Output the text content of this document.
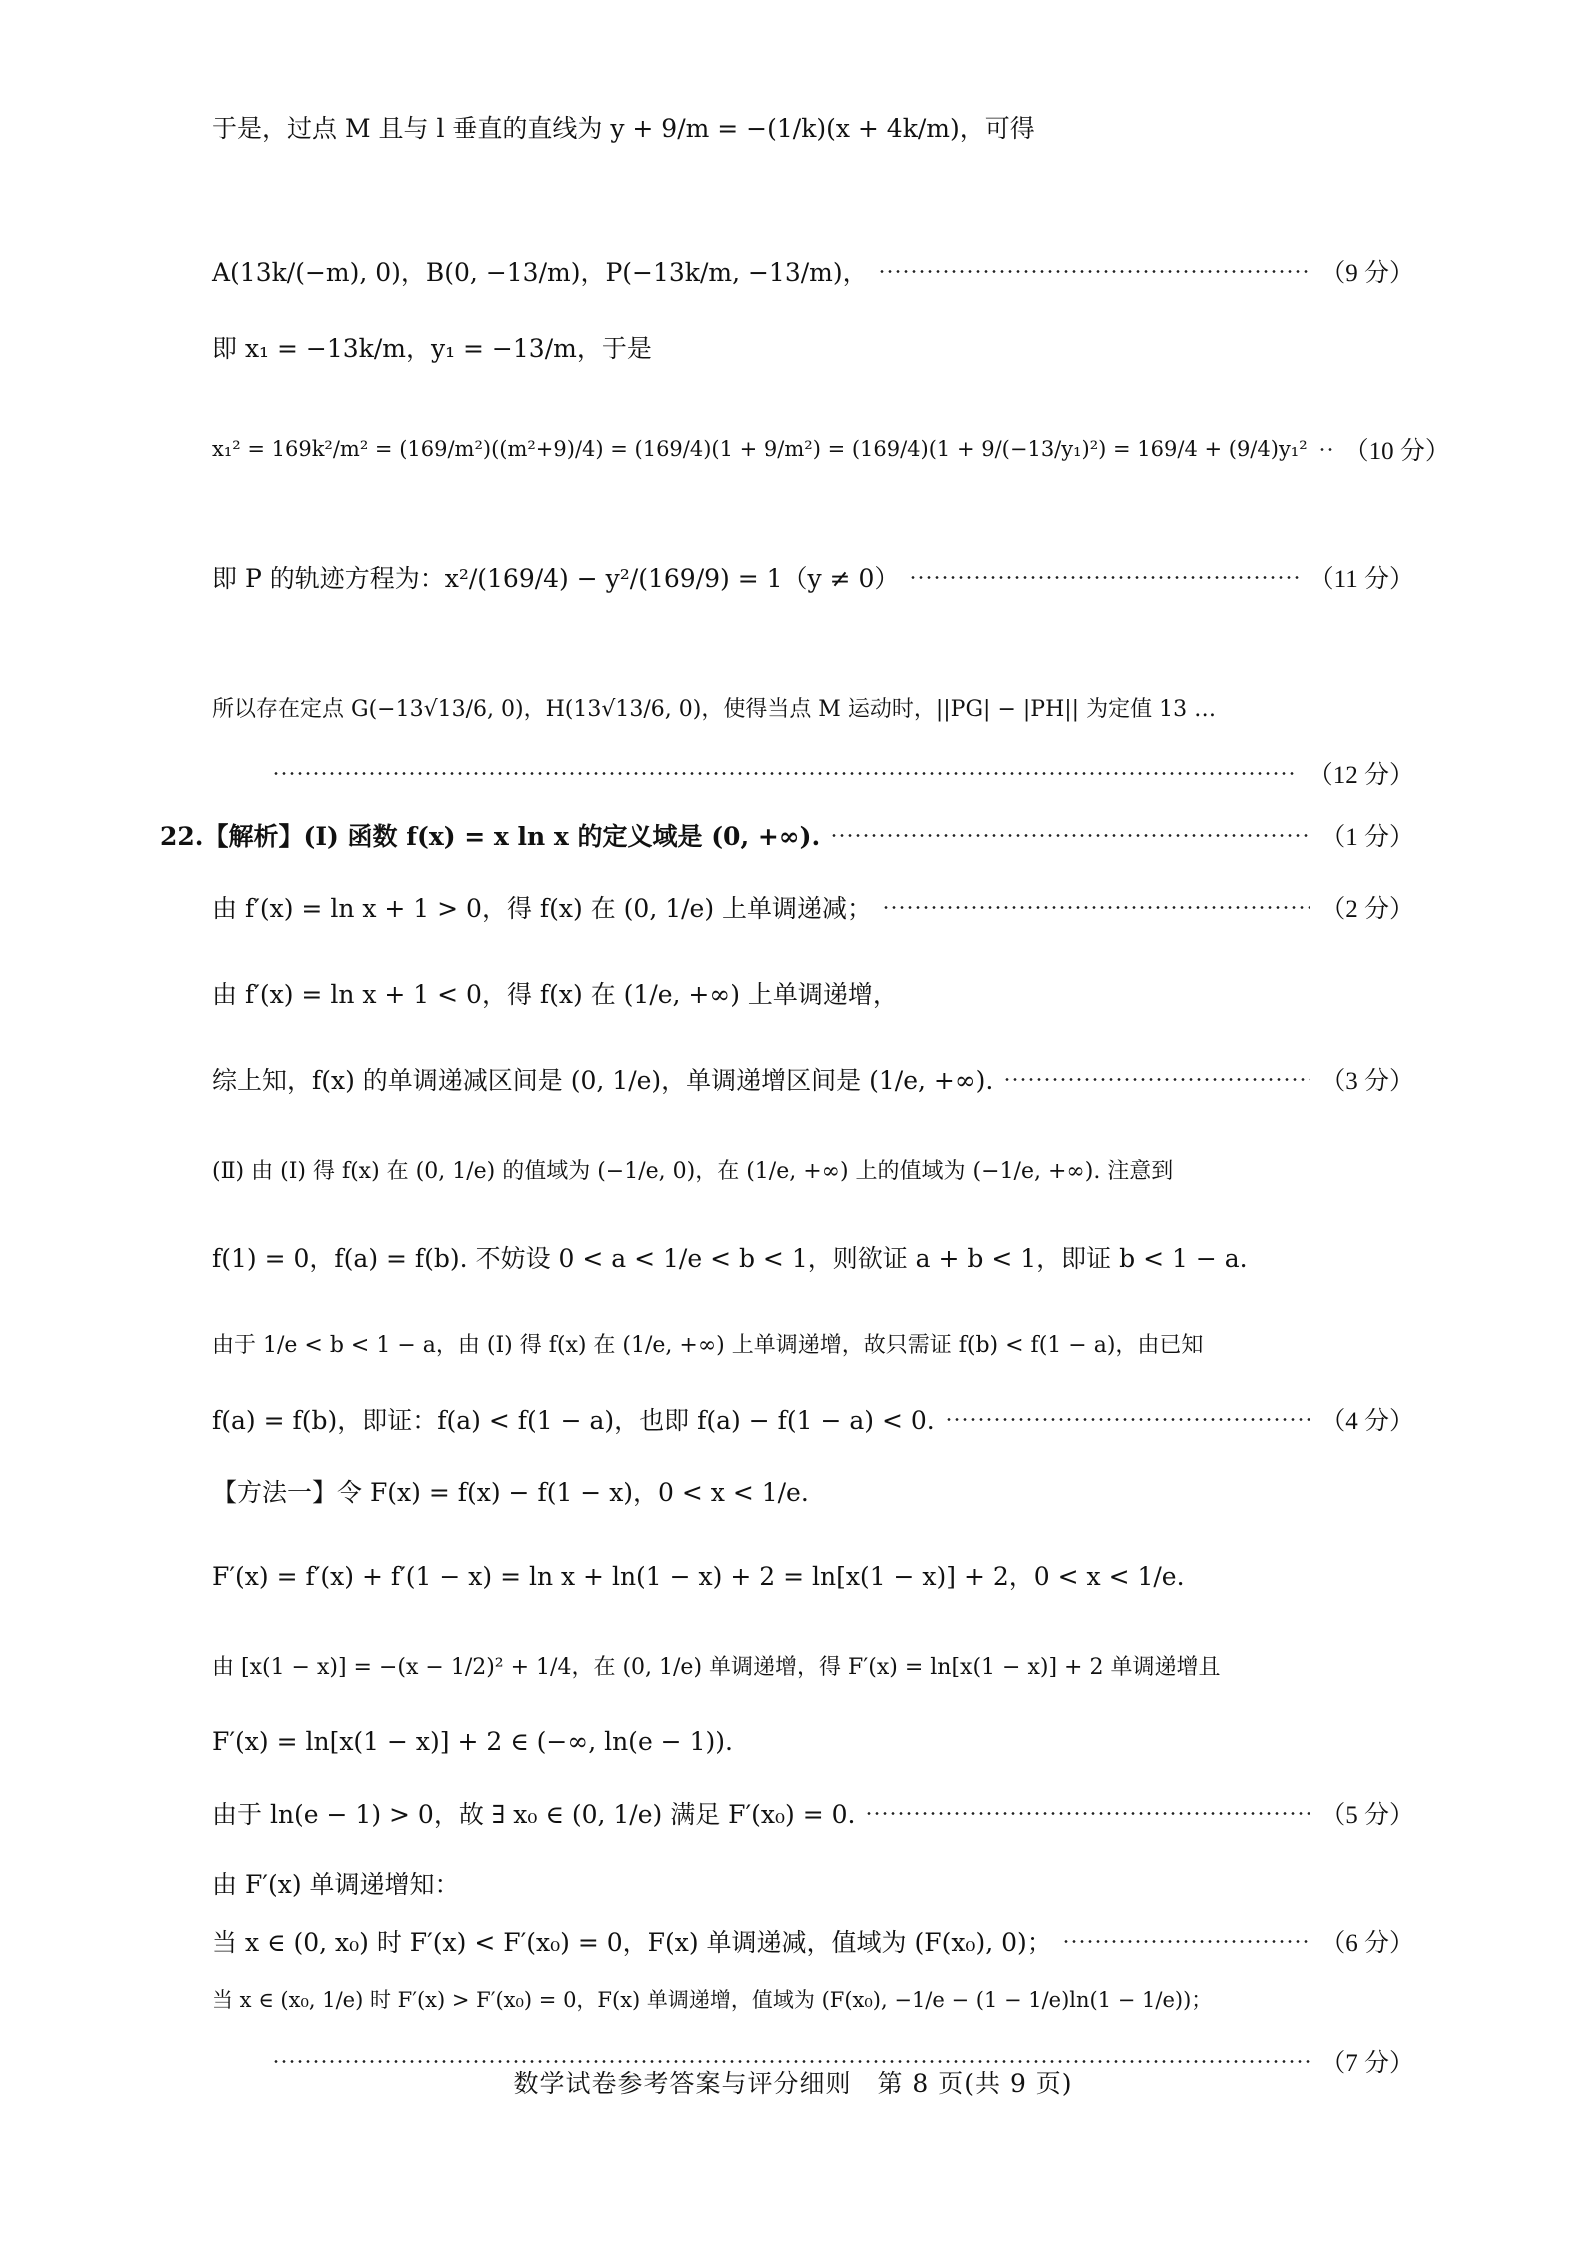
于是，过点 M 且与 l 垂直的直线为 y + 9/m = −(1/k)(x + 4k/m)，可得
A(13k/(−m), 0)，B(0, −13/m)，P(−13k/m, −13/m)，	（9 分）
即 x₁ = −13k/m，y₁ = −13/m，于是
x₁² = 169k²/m² = (169/m²)((m²+9)/4) = (169/4)(1 + 9/m²) = (169/4)(1 + 9/(−13/y₁)²) = 169/4 + (9/4)y₁² （10 分）
即 P 的轨迹方程为：x²/(169/4) − y²/(169/9) = 1（y ≠ 0）	（11 分）
所以存在定点 G(−13√13/6, 0)，H(13√13/6, 0)，使得当点 M 运动时，||PG| − |PH|| 为定值 13 …
（12 分）
22.【解析】(Ⅰ) 函数 f(x) = x ln x 的定义域是 (0, +∞).	（1 分）
由 f′(x) = ln x + 1 > 0，得 f(x) 在 (0, 1/e) 上单调递减；	（2 分）
由 f′(x) = ln x + 1 < 0，得 f(x) 在 (1/e, +∞) 上单调递增，
综上知，f(x) 的单调递减区间是 (0, 1/e)，单调递增区间是 (1/e, +∞).	（3 分）
(Ⅱ) 由 (Ⅰ) 得 f(x) 在 (0, 1/e) 的值域为 (−1/e, 0)，在 (1/e, +∞) 上的值域为 (−1/e, +∞). 注意到
f(1) = 0，f(a) = f(b). 不妨设 0 < a < 1/e < b < 1，则欲证 a + b < 1，即证 b < 1 − a.
由于 1/e < b < 1 − a，由 (I) 得 f(x) 在 (1/e, +∞) 上单调递增，故只需证 f(b) < f(1 − a)，由已知
f(a) = f(b)，即证：f(a) < f(1 − a)，也即 f(a) − f(1 − a) < 0.	（4 分）
【方法一】令 F(x) = f(x) − f(1 − x)，0 < x < 1/e.
F′(x) = f′(x) + f′(1 − x) = ln x + ln(1 − x) + 2 = ln[x(1 − x)] + 2，0 < x < 1/e.
由 [x(1 − x)] = −(x − 1/2)² + 1/4，在 (0, 1/e) 单调递增，得 F′(x) = ln[x(1 − x)] + 2 单调递增且
F′(x) = ln[x(1 − x)] + 2 ∈ (−∞, ln(e − 1)).
由于 ln(e − 1) > 0，故 ∃ x₀ ∈ (0, 1/e) 满足 F′(x₀) = 0.	（5 分）
由 F′(x) 单调递增知：
当 x ∈ (0, x₀) 时 F′(x) < F′(x₀) = 0，F(x) 单调递减，值域为 (F(x₀), 0)；	（6 分）
当 x ∈ (x₀, 1/e) 时 F′(x) > F′(x₀) = 0，F(x) 单调递增，值域为 (F(x₀), −1/e − (1 − 1/e)ln(1 − 1/e))；
（7 分）
数学试卷参考答案与评分细则　第 8 页(共 9 页)
